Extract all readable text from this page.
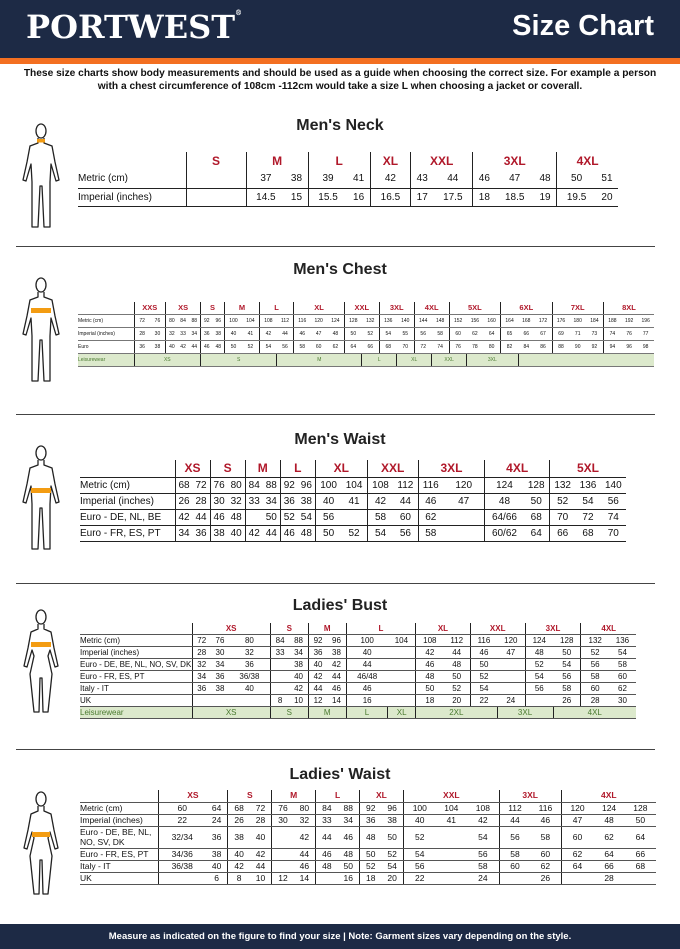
PORTWEST®	Size Chart
These size charts show body measurements and should be used as a guide when choosing the correct size. For example a person with a chest circumference of 108cm -112cm would take a size L when choosing a jacket or coverall.
Men's Neck
	S	M		L		XL	XXL		3XL			4XL	
Metric (cm)		37	38	39	41	42	43	44	46	47	48	50	51
Imperial (inches)		14.5	15	15.5	16	16.5	17	17.5	18	18.5	19	19.5	20
Men's Chest
	XXS		XS			S		M		L		XL			XXL		3XL		4XL		5XL			6XL			7XL			8XL		
Metric (cm)	72	76	80	84	88	92	96	100	104	108	112	116	120	124	128	132	136	140	144	148	152	156	160	164	168	172	176	180	184	188	192	196
Imperial (inches)	28	30	32	33	34	36	38	40	41	42	44	46	47	48	50	52	54	55	56	58	60	62	64	65	66	67	69	71	73	74	76	77
Euro	36	38	40	42	44	46	48	50	52	54	56	58	60	62	64	66	68	70	72	74	76	78	80	82	84	86	88	90	92	94	96	98
Leisurewear	XS					S					M					L		XL		XXL		3XL										
Men's Waist
	XS		S		M		L		XL		XXL		3XL		4XL		5XL		
Metric (cm)	68	72	76	80	84	88	92	96	100	104	108	112	116	120	124	128	132	136	140
Imperial (inches)	26	28	30	32	33	34	36	38	40	41	42	44	46	47	48	50	52	54	56
Euro - DE, NL, BE	42	44	46	48		50	52	54	56		58	60	62		64/66	68	70	72	74
Euro - FR, ES, PT	34	36	38	40	42	44	46	48	50	52	54	56	58		60/62	64	66	68	70
Ladies' Bust
	XS			S		M		L		XL		XXL		3XL		4XL	
Metric (cm)	72	76	80	84	88	92	96	100	104	108	112	116	120	124	128	132	136
Imperial (inches)	28	30	32	33	34	36	38	40		42	44	46	47	48	50	52	54
Euro - DE, BE, NL, NO, SV, DK	32	34	36		38	40	42	44		46	48	50		52	54	56	58
Euro - FR, ES, PT	34	36	36/38		40	42	44	46/48		48	50	52		54	56	58	60
Italy - IT	36	38	40		42	44	46	46		50	52	54		56	58	60	62
UK				8	10	12	14	16		18	20	22	24		26	28	30
Leisurewear	XS			S		M		L	XL	2XL			3XL		4XL		
Ladies' Waist
	XS		S		M		L		XL		XXL			3XL		4XL		
Metric (cm)	60	64	68	72	76	80	84	88	92	96	100	104	108	112	116	120	124	128
Imperial (inches)	22	24	26	28	30	32	33	34	36	38	40	41	42	44	46	47	48	50
Euro - DE, BE, NL, NO, SV, DK	32/34	36	38	40		42	44	46	48	50	52		54	56	58	60	62	64
Euro - FR, ES, PT	34/36	38	40	42		44	46	48	50	52	54		56	58	60	62	64	66
Italy - IT	36/38	40	42	44		46	48	50	52	54	56		58	60	62	64	66	68
UK		6	8	10	12	14		16	18	20	22		24		26		28	
Measure as indicated on the figure to find your size | Note: Garment sizes vary depending on the style.
